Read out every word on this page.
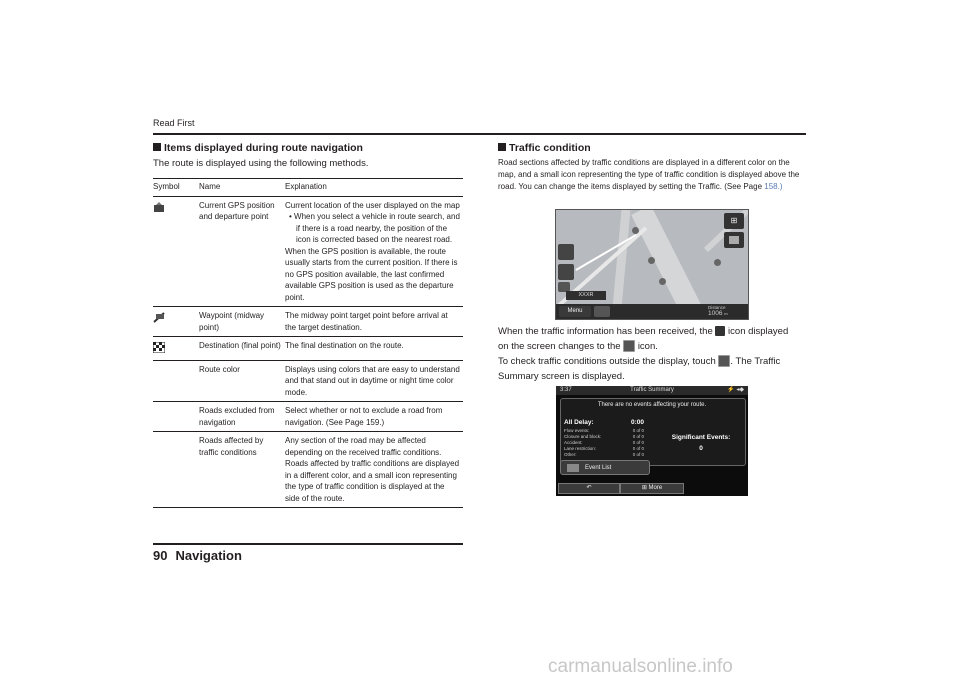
Read First
Items displayed during route navigation
The route is displayed using the following methods.
Symbol	Name	Explanation
	Current GPS position and departure point	Current location of the user displayed on the map
• When you select a vehicle in route search, and if there is a road nearby, the position of the icon is corrected based on the nearest road.
When the GPS position is available, the route usually starts from the current position. If there is no GPS position available, the last confirmed available GPS position is used as the departure point.

	Waypoint (midway point)	The midway point target point before arrival at the target destination.
	Destination (final point)	The final destination on the route.
	Route color	Displays using colors that are easy to understand and that stand out in daytime or night time color mode.
	Roads excluded from navigation	Select whether or not to exclude a road from navigation. (See Page 159.)
	Roads affected by traffic conditions	Any section of the road may be affected depending on the received traffic conditions. Roads affected by traffic conditions are displayed in a different color, and a small icon representing the type of traffic condition is displayed at the side of the route.
90 Navigation
Traffic condition
Road sections affected by traffic conditions are displayed in a different color on the map, and a small icon representing the type of traffic condition is displayed above the road. You can change the items displayed by setting the Traffic. (See Page 158.)
⊞
XXXR
Menu
Distance
1006 m
When the traffic information has been received, the icon displayed
on the screen changes to the icon.
To check traffic conditions outside the display, touch . The Traffic
Summary screen is displayed.
3:37	Traffic Summary	⚡ ◂◆
There are no events affecting your route.
All Delay:	0:00
Flow events:	0 of 0
Closure and block:	0 of 0
Accident:	0 of 0
Lane restriction:	0 of 0
Other:	0 of 0
Significant Events:
0
Event List
↶	⊞ More
carmanualsonline.info
